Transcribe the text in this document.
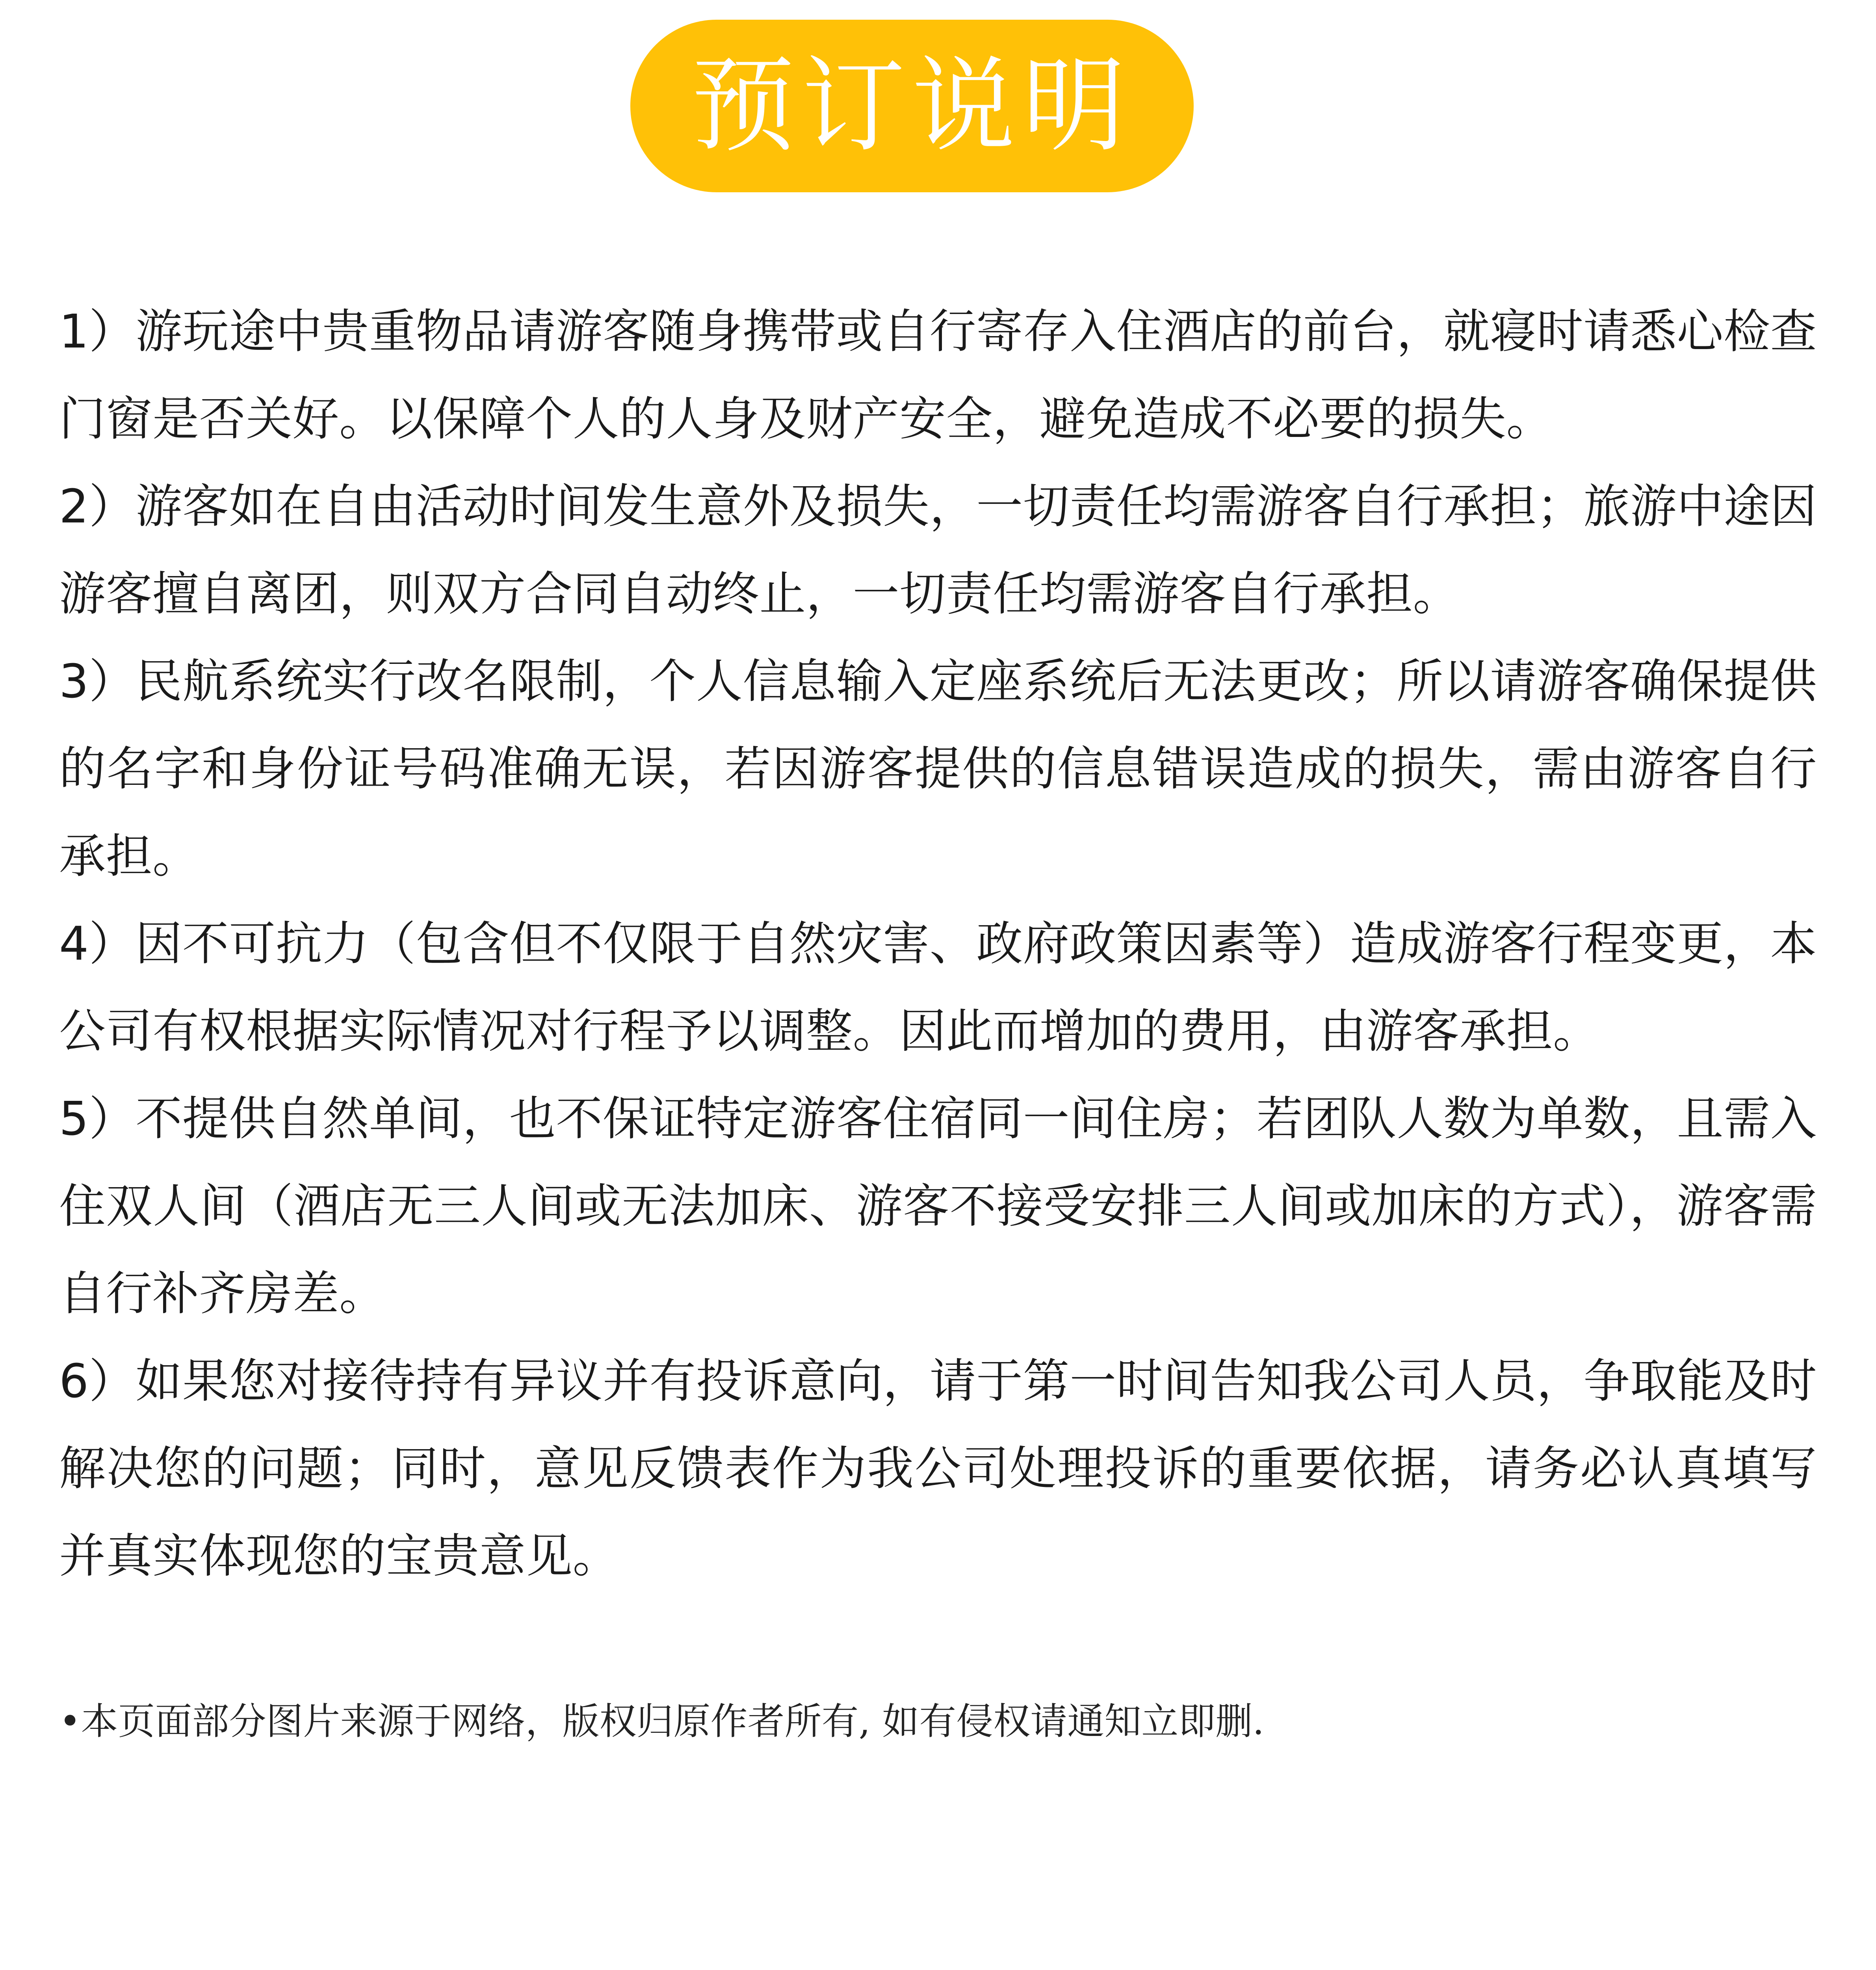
预订说明
1）游玩途中贵重物品请游客随身携带或自行寄存入住酒店的前台，就寝时请悉心检查门窗是否关好。以保障个人的人身及财产安全，避免造成不必要的损失。
2）游客如在自由活动时间发生意外及损失，一切责任均需游客自行承担；旅游中途因游客擅自离团，则双方合同自动终止，一切责任均需游客自行承担。
3）民航系统实行改名限制，个人信息输入定座系统后无法更改；所以请游客确保提供的名字和身份证号码准确无误，若因游客提供的信息错误造成的损失，需由游客自行承担。
4）因不可抗力（包含但不仅限于自然灾害、政府政策因素等）造成游客行程变更，本公司有权根据实际情况对行程予以调整。因此而增加的费用，由游客承担。
5）不提供自然单间，也不保证特定游客住宿同一间住房；若团队人数为单数，且需入住双人间（酒店无三人间或无法加床、游客不接受安排三人间或加床的方式），游客需自行补齐房差。
6）如果您对接待持有异议并有投诉意向，请于第一时间告知我公司人员，争取能及时解决您的问题；同时，意见反馈表作为我公司处理投诉的重要依据，请务必认真填写并真实体现您的宝贵意见。

•本页面部分图片来源于网络，版权归原作者所有, 如有侵权请通知立即删.
